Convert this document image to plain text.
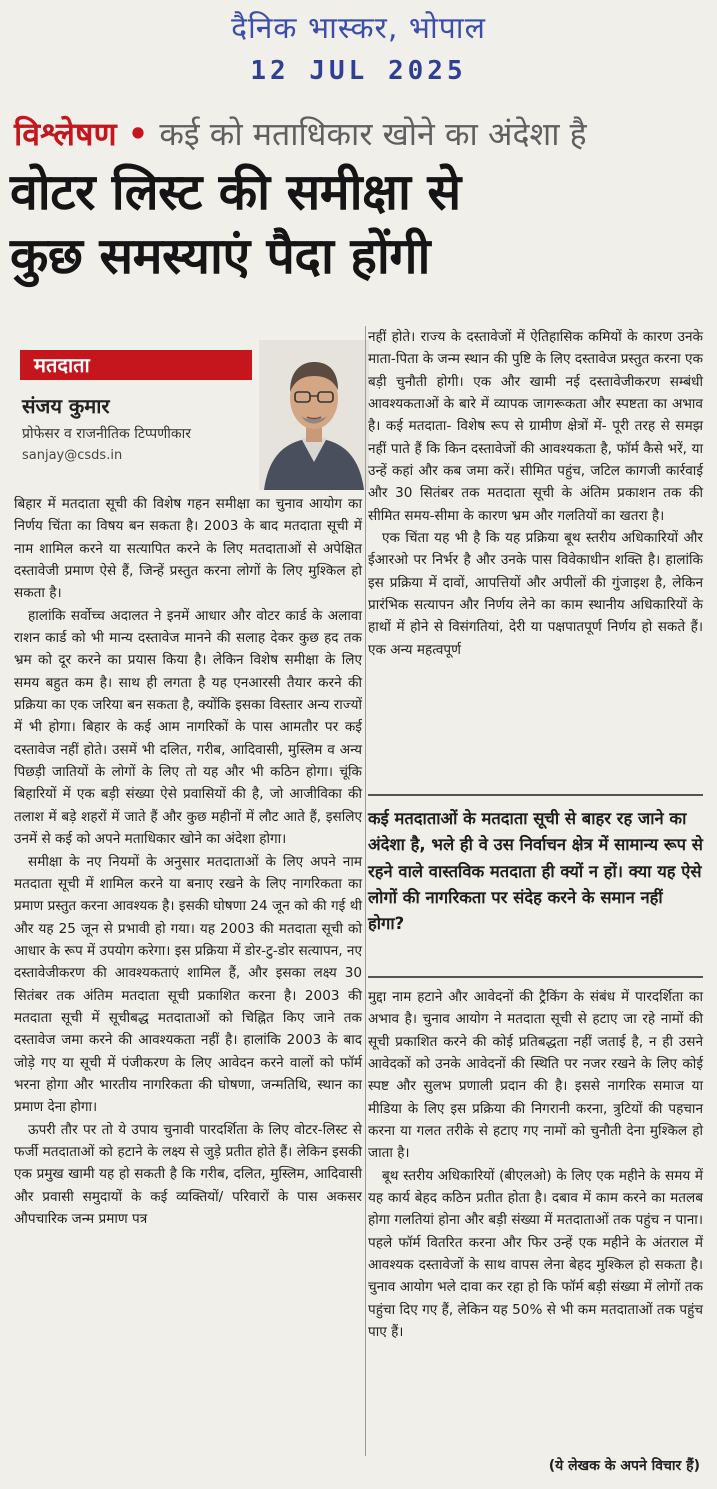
दैनिक भास्कर, भोपाल
12 JUL 2025
विश्लेषण • कई को मताधिकार खोने का अंदेशा है
वोटर लिस्ट की समीक्षा से
कुछ समस्याएं पैदा होंगी
मतदाता
संजय कुमार
प्रोफेसर व राजनीतिक टिप्पणीकार
sanjay@csds.in

बिहार में मतदाता सूची की विशेष गहन समीक्षा का चुनाव आयोग का निर्णय चिंता का विषय बन सकता है। 2003 के बाद मतदाता सूची में नाम शामिल करने या सत्यापित करने के लिए मतदाताओं से अपेक्षित दस्तावेजी प्रमाण ऐसे हैं, जिन्हें प्रस्तुत करना लोगों के लिए मुश्किल हो सकता है।

हालांकि सर्वोच्च अदालत ने इनमें आधार और वोटर कार्ड के अलावा राशन कार्ड को भी मान्य दस्तावेज मानने की सलाह देकर कुछ हद तक भ्रम को दूर करने का प्रयास किया है। लेकिन विशेष समीक्षा के लिए समय बहुत कम है। साथ ही लगता है यह एनआरसी तैयार करने की प्रक्रिया का एक जरिया बन सकता है, क्योंकि इसका विस्तार अन्य राज्यों में भी होगा। बिहार के कई आम नागरिकों के पास आमतौर पर कई दस्तावेज नहीं होते। उसमें भी दलित, गरीब, आदिवासी, मुस्लिम व अन्य पिछड़ी जातियों के लोगों के लिए तो यह और भी कठिन होगा। चूंकि बिहारियों में एक बड़ी संख्या ऐसे प्रवासियों की है, जो आजीविका की तलाश में बड़े शहरों में जाते हैं और कुछ महीनों में लौट आते हैं, इसलिए उनमें से कई को अपने मताधिकार खोने का अंदेशा होगा।

समीक्षा के नए नियमों के अनुसार मतदाताओं के लिए अपने नाम मतदाता सूची में शामिल करने या बनाए रखने के लिए नागरिकता का प्रमाण प्रस्तुत करना आवश्यक है। इसकी घोषणा 24 जून को की गई थी और यह 25 जून से प्रभावी हो गया। यह 2003 की मतदाता सूची को आधार के रूप में उपयोग करेगा। इस प्रक्रिया में डोर-टु-डोर सत्यापन, नए दस्तावेजीकरण की आवश्यकताएं शामिल हैं, और इसका लक्ष्य 30 सितंबर तक अंतिम मतदाता सूची प्रकाशित करना है। 2003 की मतदाता सूची में सूचीबद्ध मतदाताओं को चिह्नित किए जाने तक दस्तावेज जमा करने की आवश्यकता नहीं है। हालांकि 2003 के बाद जोड़े गए या सूची में पंजीकरण के लिए आवेदन करने वालों को फॉर्म भरना होगा और भारतीय नागरिकता की घोषणा, जन्मतिथि, स्थान का प्रमाण देना होगा।

ऊपरी तौर पर तो ये उपाय चुनावी पारदर्शिता के लिए वोटर-लिस्ट से फर्जी मतदाताओं को हटाने के लक्ष्य से जुड़े प्रतीत होते हैं। लेकिन इसकी एक प्रमुख खामी यह हो सकती है कि गरीब, दलित, मुस्लिम, आदिवासी और प्रवासी समुदायों के कई व्यक्तियों/ परिवारों के पास अकसर औपचारिक जन्म प्रमाण पत्र

नहीं होते। राज्य के दस्तावेजों में ऐतिहासिक कमियों के कारण उनके माता-पिता के जन्म स्थान की पुष्टि के लिए दस्तावेज प्रस्तुत करना एक बड़ी चुनौती होगी। एक और खामी नई दस्तावेजीकरण सम्बंधी आवश्यकताओं के बारे में व्यापक जागरूकता और स्पष्टता का अभाव है। कई मतदाता- विशेष रूप से ग्रामीण क्षेत्रों में- पूरी तरह से समझ नहीं पाते हैं कि किन दस्तावेजों की आवश्यकता है, फॉर्म कैसे भरें, या उन्हें कहां और कब जमा करें। सीमित पहुंच, जटिल कागजी कार्रवाई और 30 सितंबर तक मतदाता सूची के अंतिम प्रकाशन तक की सीमित समय-सीमा के कारण भ्रम और गलतियों का खतरा है।

एक चिंता यह भी है कि यह प्रक्रिया बूथ स्तरीय अधिकारियों और ईआरओ पर निर्भर है और उनके पास विवेकाधीन शक्ति है। हालांकि इस प्रक्रिया में दावों, आपत्तियों और अपीलों की गुंजाइश है, लेकिन प्रारंभिक सत्यापन और निर्णय लेने का काम स्थानीय अधिकारियों के हाथों में होने से विसंगतियां, देरी या पक्षपातपूर्ण निर्णय हो सकते हैं। एक अन्य महत्वपूर्ण

कई मतदाताओं के मतदाता सूची से बाहर रह जाने का अंदेशा है, भले ही वे उस निर्वाचन क्षेत्र में सामान्य रूप से रहने वाले वास्तविक मतदाता ही क्यों न हों। क्या यह ऐसे लोगों की नागरिकता पर संदेह करने के समान नहीं होगा?

मुद्दा नाम हटाने और आवेदनों की ट्रैकिंग के संबंध में पारदर्शिता का अभाव है। चुनाव आयोग ने मतदाता सूची से हटाए जा रहे नामों की सूची प्रकाशित करने की कोई प्रतिबद्धता नहीं जताई है, न ही उसने आवेदकों को उनके आवेदनों की स्थिति पर नजर रखने के लिए कोई स्पष्ट और सुलभ प्रणाली प्रदान की है। इससे नागरिक समाज या मीडिया के लिए इस प्रक्रिया की निगरानी करना, त्रुटियों की पहचान करना या गलत तरीके से हटाए गए नामों को चुनौती देना मुश्किल हो जाता है।

बूथ स्तरीय अधिकारियों (बीएलओ) के लिए एक महीने के समय में यह कार्य बेहद कठिन प्रतीत होता है। दबाव में काम करने का मतलब होगा गलतियां होना और बड़ी संख्या में मतदाताओं तक पहुंच न पाना। पहले फॉर्म वितरित करना और फिर उन्हें एक महीने के अंतराल में आवश्यक दस्तावेजों के साथ वापस लेना बेहद मुश्किल हो सकता है। चुनाव आयोग भले दावा कर रहा हो कि फॉर्म बड़ी संख्या में लोगों तक पहुंचा दिए गए हैं, लेकिन यह 50% से भी कम मतदाताओं तक पहुंच पाए हैं।

(ये लेखक के अपने विचार हैं)
